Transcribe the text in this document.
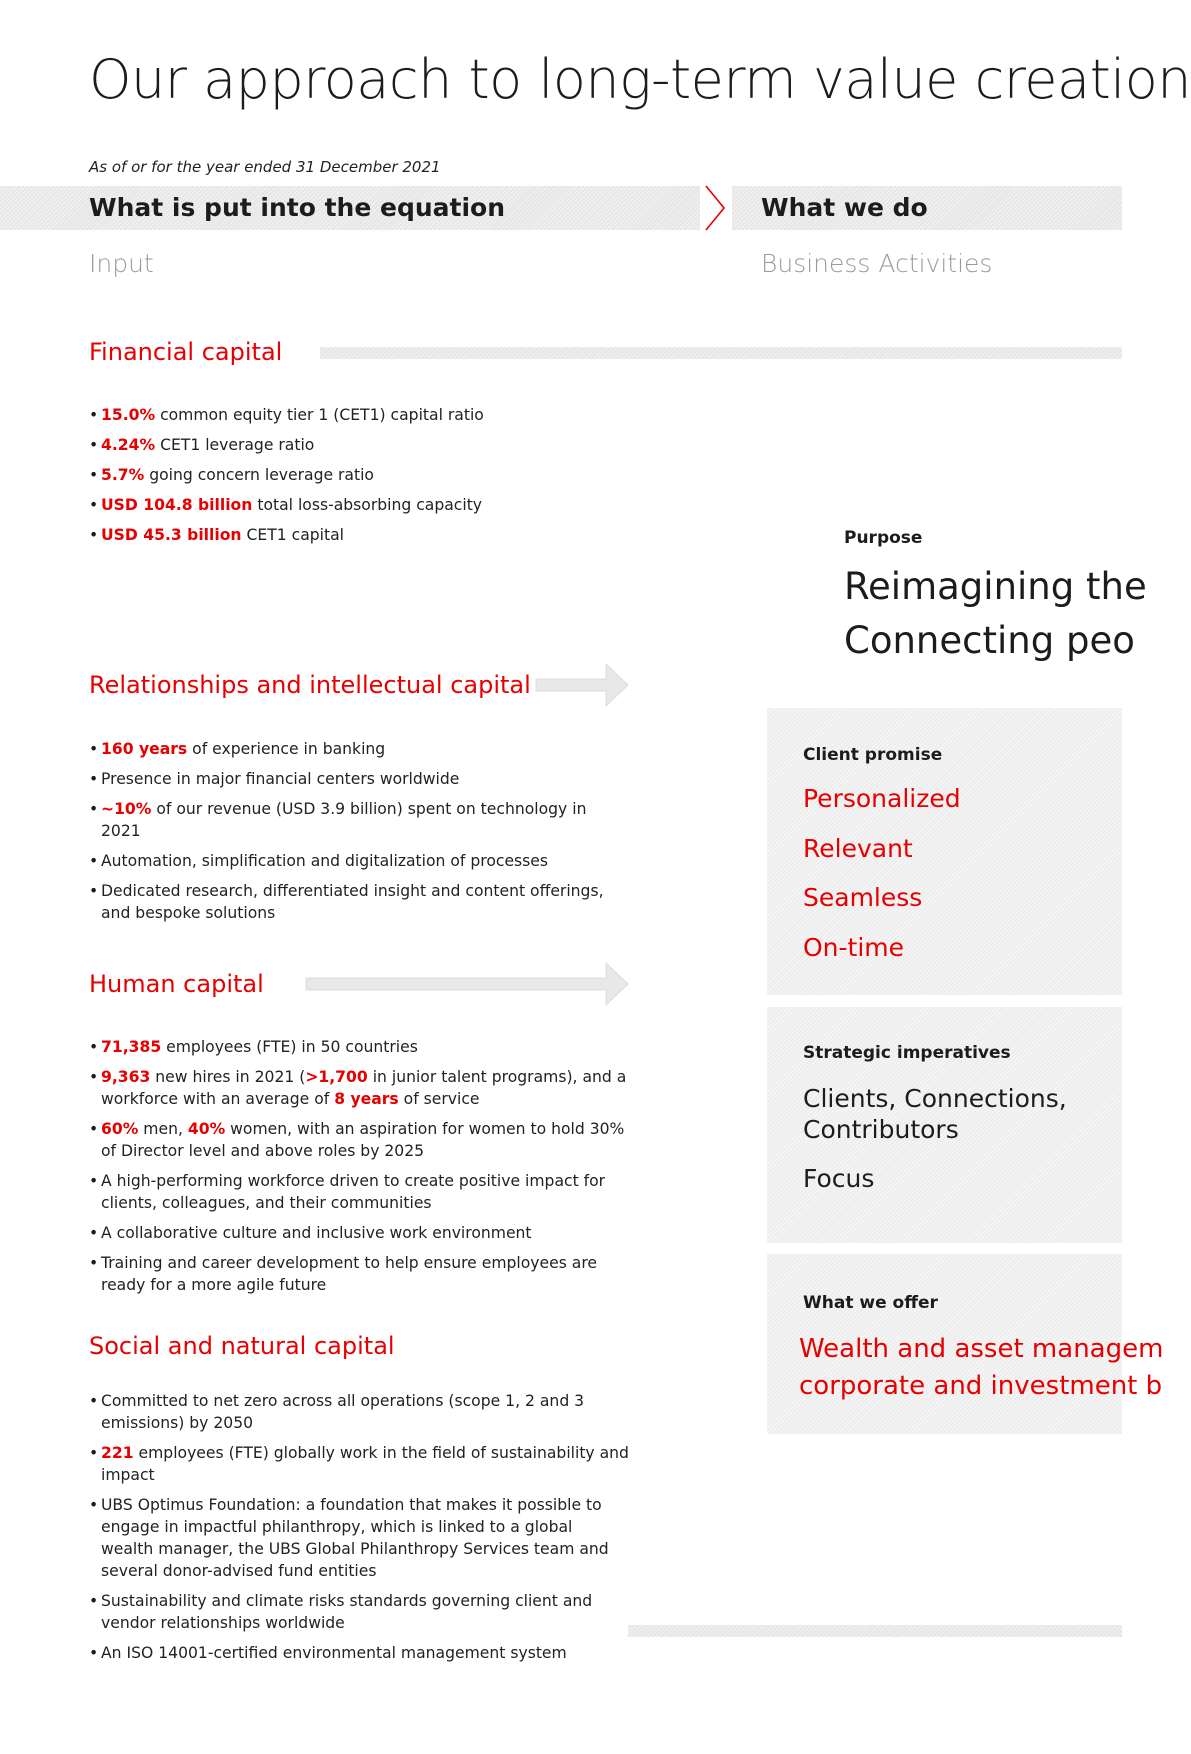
Our approach to long-term value creation
As of or for the year ended 31 December 2021
What is put into the equation	What we do
Input	Business Activities
Financial capital
• 15.0% common equity tier 1 (CET1) capital ratio
• 4.24% CET1 leverage ratio
• 5.7% going concern leverage ratio
• USD 104.8 billion total loss-absorbing capacity
• USD 45.3 billion CET1 capital
Relationships and intellectual capital
• 160 years of experience in banking
• Presence in major financial centers worldwide
• ~10% of our revenue (USD 3.9 billion) spent on technology in 2021
• Automation, simplification and digitalization of processes
• Dedicated research, differentiated insight and content offerings, and bespoke solutions
Human capital
• 71,385 employees (FTE) in 50 countries
• 9,363 new hires in 2021 (>1,700 in junior talent programs), and a workforce with an average of 8 years of service
• 60% men, 40% women, with an aspiration for women to hold 30% of Director level and above roles by 2025
• A high-performing workforce driven to create positive impact for clients, colleagues, and their communities
• A collaborative culture and inclusive work environment
• Training and career development to help ensure employees are ready for a more agile future
Social and natural capital
• Committed to net zero across all operations (scope 1, 2 and 3 emissions) by 2050
• 221 employees (FTE) globally work in the field of sustainability and impact
• UBS Optimus Foundation: a foundation that makes it possible to engage in impactful philanthropy, which is linked to a global wealth manager, the UBS Global Philanthropy Services team and several donor-advised fund entities
• Sustainability and climate risks standards governing client and vendor relationships worldwide
• An ISO 14001-certified environmental management system
Purpose
Reimagining the
Connecting peo
Client promise
Personalized
Relevant
Seamless
On-time
Strategic imperatives
Clients, Connections,
Contributors
Focus
What we offer
Wealth and asset managem
corporate and investment b
